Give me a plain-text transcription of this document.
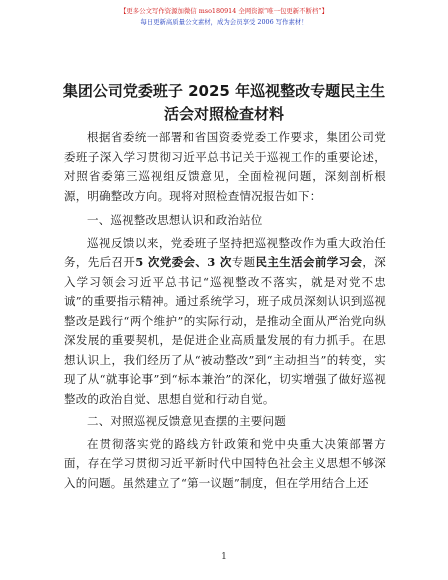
【更多公文写作资源加微信 mso180914 全网资源“唯一包更新不断档”】
每日更新高质量公文素材，成为会员享受 2006 写作素材！
集团公司党委班子 2025 年巡视整改专题民主生活会对照检查材料

根据省委统一部署和省国资委党委工作要求，集团公司党委班子深入学习贯彻习近平总书记关于巡视工作的重要论述，对照省委第三巡视组反馈意见，全面检视问题，深刻剖析根源，明确整改方向。现将对照检查情况报告如下：

一、巡视整改思想认识和政治站位

巡视反馈以来，党委班子坚持把巡视整改作为重大政治任务，先后召开5 次党委会、3 次专题民主生活会前学习会，深入学习领会习近平总书记“巡视整改不落实，就是对党不忠诚”的重要指示精神。通过系统学习，班子成员深刻认识到巡视整改是践行“两个维护”的实际行动，是推动全面从严治党向纵深发展的重要契机，是促进企业高质量发展的有力抓手。在思想认识上，我们经历了从“被动整改”到“主动担当”的转变，实现了从“就事论事”到“标本兼治”的深化，切实增强了做好巡视整改的政治自觉、思想自觉和行动自觉。

二、对照巡视反馈意见查摆的主要问题

在贯彻落实党的路线方针政策和党中央重大决策部署方面，存在学习贯彻习近平新时代中国特色社会主义思想不够深入的问题。虽然建立了“第一议题”制度，但在学用结合上还

1
